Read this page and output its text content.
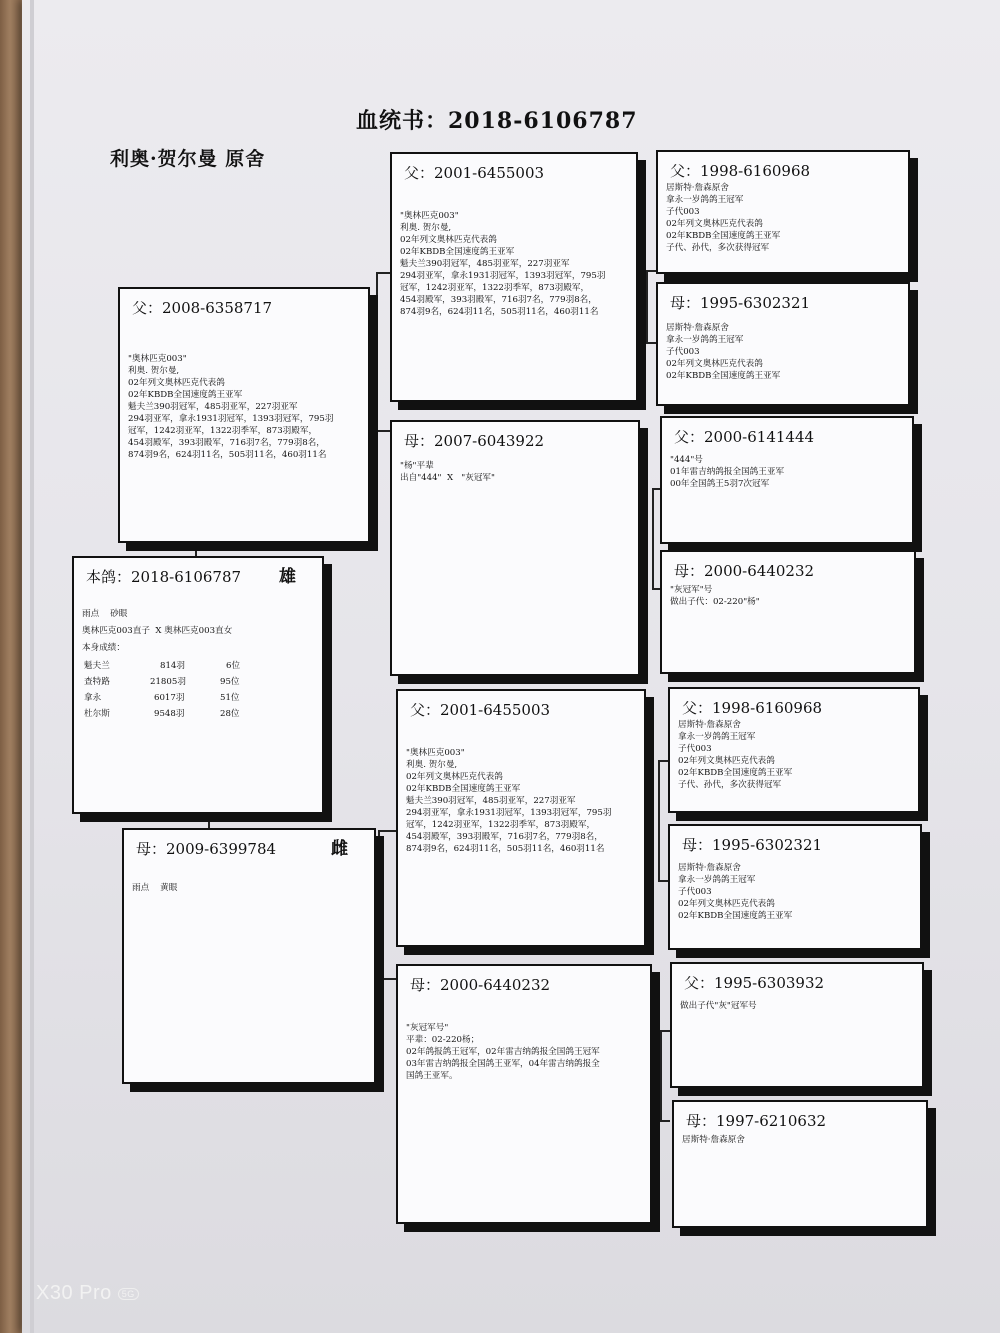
血统书：2018-6106787
利奥·贺尔曼 原舍
本鸽：2018-6106787 雄
雨点    砂眼
奥林匹克003直子  X 奥林匹克003直女
本身成绩：
魁夫兰	814羽	6位
查特路	21805羽	95位
拿永	6017羽	51位
杜尔斯	9548羽	28位
父：2008-6358717
"奥林匹克003"
利奥. 贺尔曼,
02年列文奥林匹克代表鸽
02年KBDB全国速度鸽王亚军
魁夫兰390羽冠军，485羽亚军，227羽亚军
294羽亚军，拿永1931羽冠军，1393羽冠军，795羽
冠军，1242羽亚军，1322羽季军，873羽殿军，
454羽殿军，393羽殿军，716羽7名，779羽8名，
874羽9名，624羽11名，505羽11名，460羽11名
母：2009-6399784	雌
雨点    黄眼
父：2001-6455003
"奥林匹克003"
利奥. 贺尔曼,
02年列文奥林匹克代表鸽
02年KBDB全国速度鸽王亚军
魁夫兰390羽冠军，485羽亚军，227羽亚军
294羽亚军，拿永1931羽冠军，1393羽冠军，795羽
冠军，1242羽亚军，1322羽季军，873羽殿军，
454羽殿军，393羽殿军，716羽7名，779羽8名，
874羽9名，624羽11名，505羽11名，460羽11名
母：2007-6043922
"杨"平辈
出自"444"  X   "灰冠军"
父：2001-6455003
"奥林匹克003"
利奥. 贺尔曼,
02年列文奥林匹克代表鸽
02年KBDB全国速度鸽王亚军
魁夫兰390羽冠军，485羽亚军，227羽亚军
294羽亚军，拿永1931羽冠军，1393羽冠军，795羽
冠军，1242羽亚军，1322羽季军，873羽殿军，
454羽殿军，393羽殿军，716羽7名，779羽8名，
874羽9名，624羽11名，505羽11名，460羽11名
母：2000-6440232
"灰冠军号"
平辈：02-220杨；
02年鸽报鸽王冠军，02年雷吉纳鸽报全国鸽王冠军
03年雷吉纳鸽报全国鸽王亚军，04年雷吉纳鸽报全
国鸽王亚军。
父：1998-6160968
居斯特·詹森原舍
拿永一岁鸽鸽王冠军
子代003
02年列文奥林匹克代表鸽
02年KBDB全国速度鸽王亚军
子代、孙代，多次获得冠军
母：1995-6302321
居斯特·詹森原舍
拿永一岁鸽鸽王冠军
子代003
02年列文奥林匹克代表鸽
02年KBDB全国速度鸽王亚军
父：2000-6141444
"444"号
01年雷吉纳鸽报全国鸽王亚军
00年全国鸽王5羽7次冠军
母：2000-6440232
"灰冠军"号
做出子代：02-220"杨"
父：1998-6160968
居斯特·詹森原舍
拿永一岁鸽鸽王冠军
子代003
02年列文奥林匹克代表鸽
02年KBDB全国速度鸽王亚军
子代、孙代，多次获得冠军
母：1995-6302321
居斯特·詹森原舍
拿永一岁鸽鸽王冠军
子代003
02年列文奥林匹克代表鸽
02年KBDB全国速度鸽王亚军
父：1995-6303932
做出子代"灰"冠军号
母：1997-6210632
居斯特·詹森原舍
X30 Pro 5G
